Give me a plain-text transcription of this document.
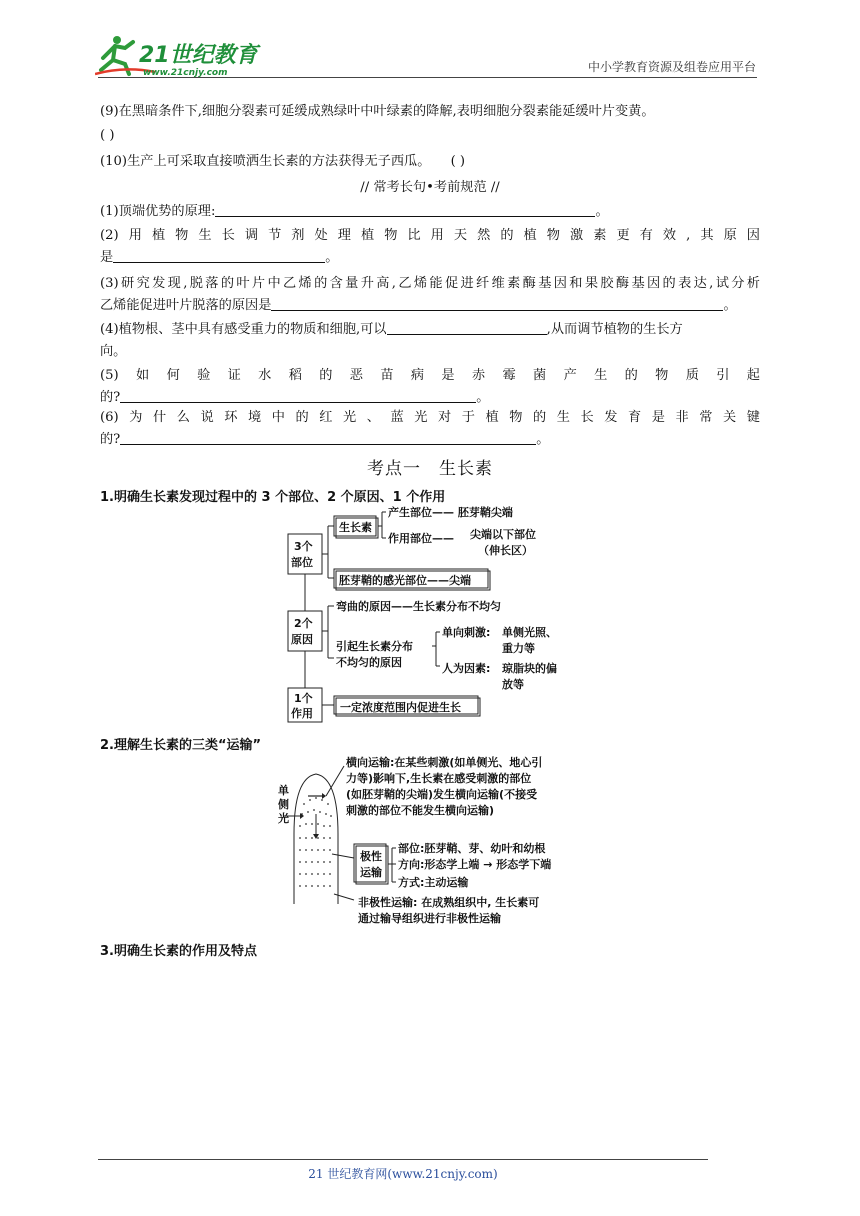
21世纪教育
www.21cnjy.com	中小学教育资源及组卷应用平台
(9)在黑暗条件下,细胞分裂素可延缓成熟绿叶中叶绿素的降解,表明细胞分裂素能延缓叶片变黄。
( )
(10)生产上可采取直接喷洒生长素的方法获得无子西瓜。 ( )
// 常考长句•考前规范 //
(1)顶端优势的原理:	。
(2)用植物生长调节剂处理植物比用天然的植物激素更有效,其原因
是	。
(3)研究发现,脱落的叶片中乙烯的含量升高,乙烯能促进纤维素酶基因和果胶酶基因的表达,试分析
乙烯能促进叶片脱落的原因是	。
(4)植物根、茎中具有感受重力的物质和细胞,可以	,从而调节植物的生长方
向。
(5)如何验证水稻的恶苗病是赤霉菌产生的物质引起
的?	。
(6)为什么说环境中的红光、蓝光对于植物的生长发育是非常关键
的?	。
考点一　生长素
1.明确生长素发现过程中的 3 个部位、2 个原因、1 个作用
3个
部位
2个
原因
1个
作用
生长素
产生部位—— 胚芽鞘尖端
作用部位—— 尖端以下部位
（伸长区）
胚芽鞘的感光部位——尖端
弯曲的原因——生长素分布不均匀
引起生长素分布
不均匀的原因
单向刺激: 单侧光照、
重力等
人为因素: 琼脂块的偏
放等
一定浓度范围内促进生长
2.理解生长素的三类“运输”
单
侧
光
横向运输:在某些刺激(如单侧光、地心引
力等)影响下,生长素在感受刺激的部位
(如胚芽鞘的尖端)发生横向运输(不接受
刺激的部位不能发生横向运输)
极性
运输
部位:胚芽鞘、芽、幼叶和幼根
方向:形态学上端 → 形态学下端
方式:主动运输
非极性运输: 在成熟组织中, 生长素可
通过输导组织进行非极性运输
3.明确生长素的作用及特点
21 世纪教育网(www.21cnjy.com)
